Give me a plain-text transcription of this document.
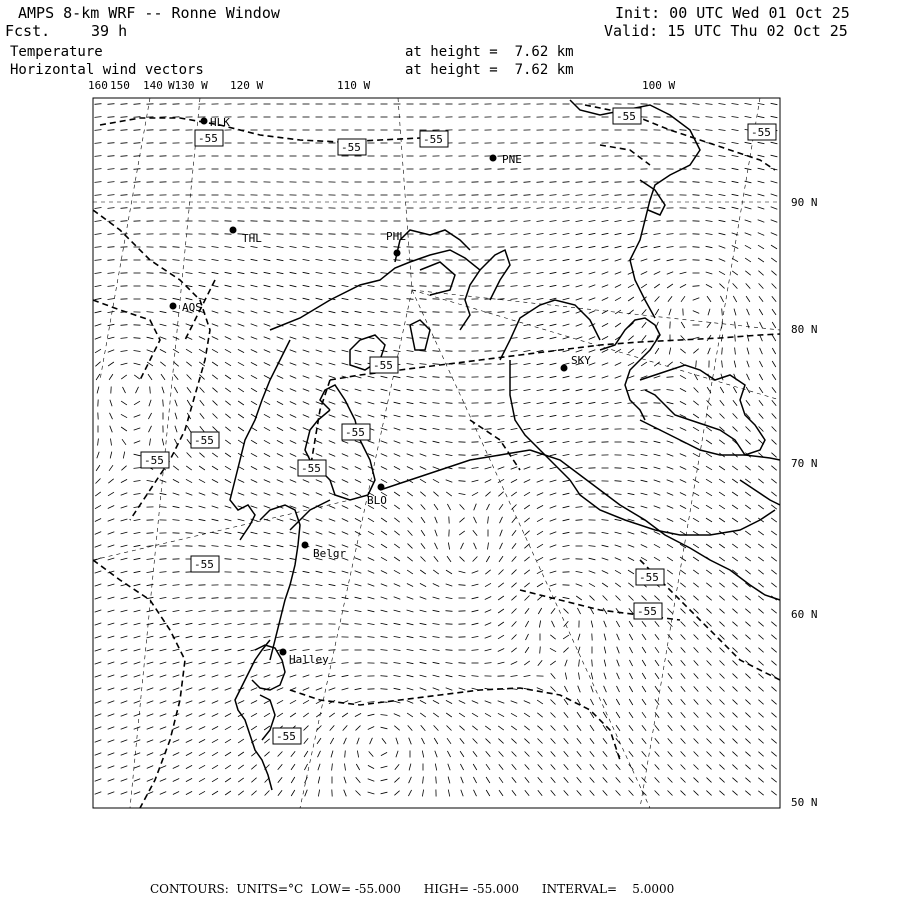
AMPS 8-km WRF -- Ronne Window
Fcst.	39 h
Temperature
Horizontal wind vectors
at height =  7.62 km
at height =  7.62 km
Init: 00 UTC Wed 01 Oct 25
Valid: 15 UTC Thu 02 Oct 25
160 150 140 W130 W 120 W	110 W	100 W
90 N
80 N
70 N
60 N
50 N
-55
-55
-55
-55
-55
-55
-55
-55
-55
-55
-55
-55
-55
-55
HLK
PNE
THL	PHL
AQS
SKY
BLO
Belgr
Halley
CONTOURS:  UNITS=°C  LOW= -55.000      HIGH= -55.000      INTERVAL=    5.0000
